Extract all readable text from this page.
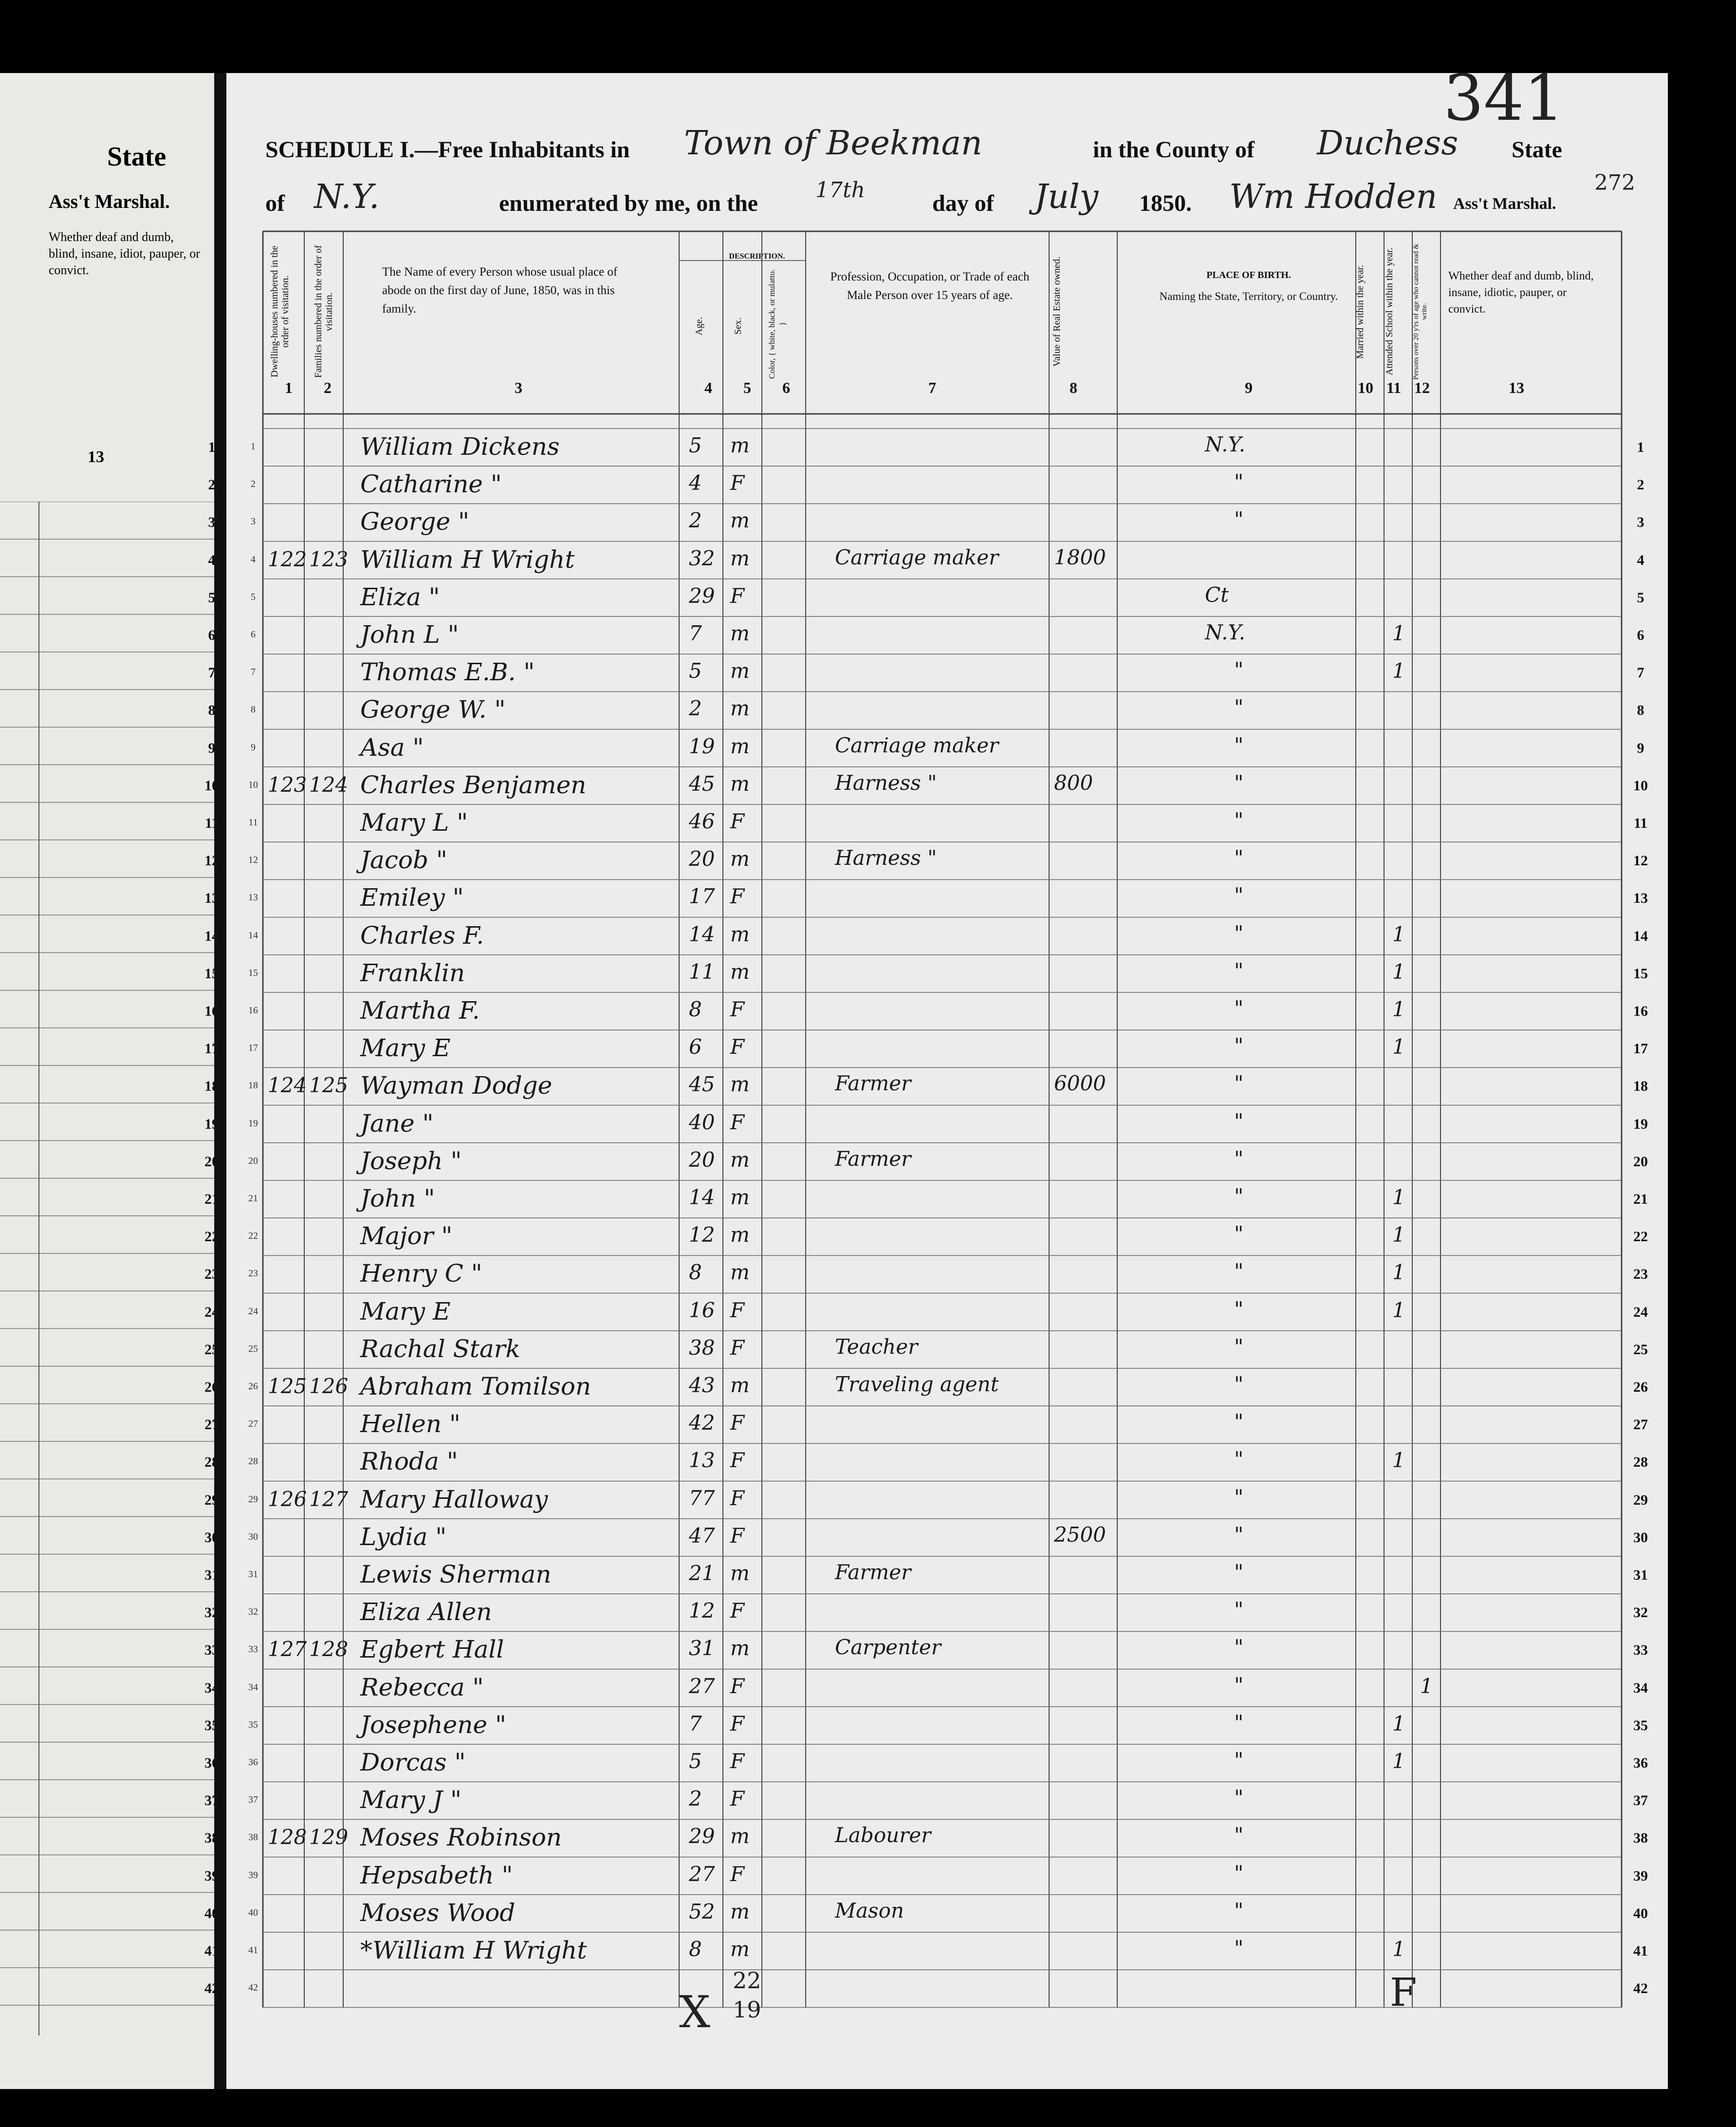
State
Ass't Marshal.
Whether deaf and dumb, blind, insane, idiot, pauper, or convict.
13
SCHEDULE I.—Free Inhabitants in Town of Beekman	in the County of Duchess State
341
272
of N.Y.	enumerated by me, on the
17th
day of July 1850. Wm Hodden Ass't Marshal.
Dwelling-houses numbered in the order of visitation.	Families numbered in the order of visitation.
The Name of every Person whose usual place of abode on the first day of June, 1850, was in this family.
DESCRIPTION.
Age.	Sex.	Color, { white, black, or mulatto. }
Profession, Occupation, or Trade of each Male Person over 15 years of age.	Value of Real Estate owned.	PLACE OF BIRTH.
Naming the State, Territory, or Country.	Married within the year.	Attended School within the year.	Persons over 20 y'rs of age who cannot read & write.
Whether deaf and dumb, blind, insane, idiotic, pauper, or convict.
1	2	3	4	5	6	7	8	9	10 11 12	13
1	1
1	William Dickens	5 m	N.Y.
2	2
2	Catharine "	4 F	"
3	3
3	George "	2 m	"
4	4
4 122 123 William H Wright	32 m	Carriage maker	1800
5	5
5	Eliza "	29 F	Ct
6	6
6	John L "	7 m	N.Y.	1
7	7
7	Thomas E.B. "	5 m	"	1
8	8
8	George W. "	2 m	"
9	9
9	Asa "	19 m	Carriage maker	"
10	10
10 123 124 Charles Benjamen	45 m	Harness "	800	"
11	11
11	Mary L "	46 F	"
12	12
12	Jacob "	20 m	Harness "	"
13	13
13	Emiley "	17 F	"
14	14
14	Charles F.	14 m	"	1
15	15
15	Franklin	11 m	"	1
16	16
16	Martha F.	8 F	"	1
17	17
17	Mary E	6 F	"	1
18	18
18 124 125 Wayman Dodge	45 m	Farmer	6000	"
19	19
19	Jane "	40 F	"
20	20
20	Joseph "	20 m	Farmer	"
21	21
21	John "	14 m	"	1
22	22
22	Major "	12 m	"	1
23	23
23	Henry C "	8 m	"	1
24	24
24	Mary E	16 F	"	1
25	25
25	Rachal Stark	38 F	Teacher	"
26	26
26 125 126 Abraham Tomilson	43 m	Traveling agent	"
27	27
27	Hellen "	42 F	"
28	28
28	Rhoda "	13 F	"	1
29	29
29 126 127 Mary Halloway	77 F	"
30	30
30	Lydia "	47 F	2500	"
31	31
31	Lewis Sherman	21 m	Farmer	"
32	32
32	Eliza Allen	12 F	"
33	33
33 127 128 Egbert Hall	31 m	Carpenter	"
34	34
34	Rebecca "	27 F	"	1
35	35
35	Josephene "	7 F	"	1
36	36
36	Dorcas "	5 F	"	1
37	37
37	Mary J "	2 F	"
38	38
38 128 129 Moses Robinson	29 m	Labourer	"
39	39
39	Hepsabeth "	27 F	"
40	40
40	Moses Wood	52 m	Mason	"
41	41
41	*William H Wright	8 m	"	1
42	42
42	X
22
19	F
